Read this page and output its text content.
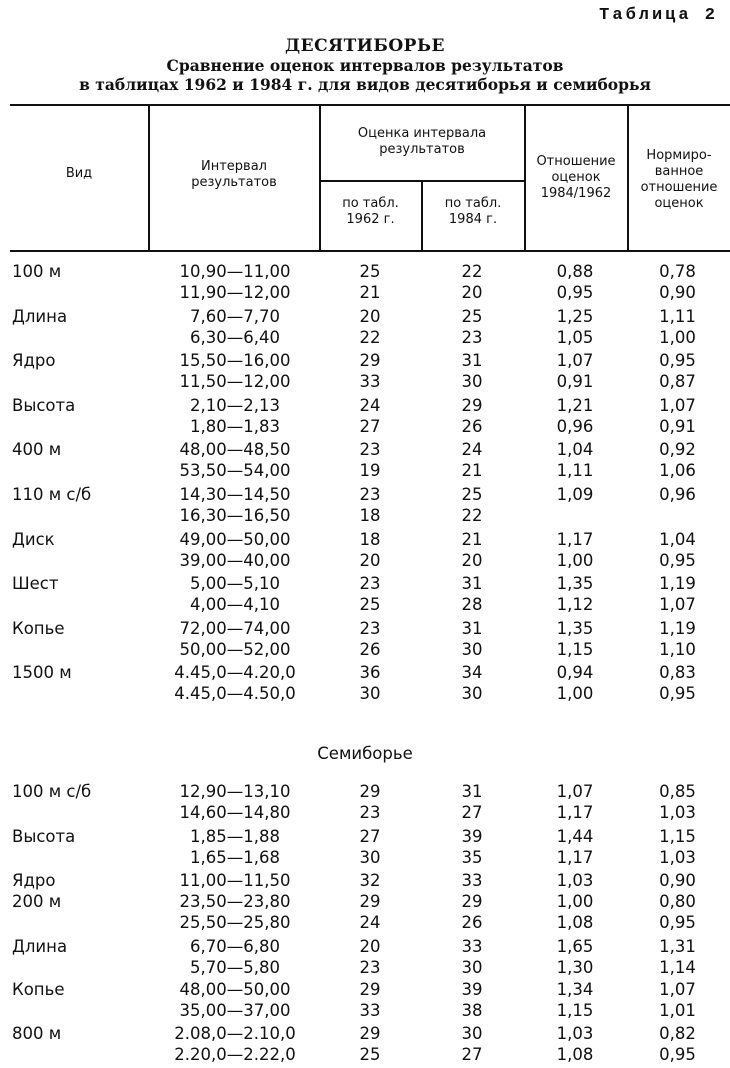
Таблица 2
ДЕСЯТИБОРЬЕ
Сравнение оценок интервалов результатов
в таблицах 1962 и 1984 г. для видов десятиборья и семиборья
Вид	Интервал
результатов
Оценка интервала
результатов
по табл.
1962 г.
по табл.
1984 г.
Отношение
оценок
1984/1962
Нормиро-
ванное
отношение
оценок
100 м	10,90—11,00	25	22	0,88	0,78
11,90—12,00	21	20	0,95	0,90
Длина	7,60—7,70	20	25	1,25	1,11
6,30—6,40	22	23	1,05	1,00
Ядро	15,50—16,00	29	31	1,07	0,95
11,50—12,00	33	30	0,91	0,87
Высота	2,10—2,13	24	29	1,21	1,07
1,80—1,83	27	26	0,96	0,91
400 м	48,00—48,50	23	24	1,04	0,92
53,50—54,00	19	21	1,11	1,06
110 м с/б	14,30—14,50	23	25	1,09	0,96
16,30—16,50	18	22
Диск	49,00—50,00	18	21	1,17	1,04
39,00—40,00	20	20	1,00	0,95
Шест	5,00—5,10	23	31	1,35	1,19
4,00—4,10	25	28	1,12	1,07
Копье	72,00—74,00	23	31	1,35	1,19
50,00—52,00	26	30	1,15	1,10
1500 м	4.45,0—4.20,0	36	34	0,94	0,83
4.45,0—4.50,0	30	30	1,00	0,95
Семиборье
100 м с/б	12,90—13,10	29	31	1,07	0,85
14,60—14,80	23	27	1,17	1,03
Высота	1,85—1,88	27	39	1,44	1,15
1,65—1,68	30	35	1,17	1,03
Ядро	11,00—11,50	32	33	1,03	0,90
200 м	23,50—23,80	29	29	1,00	0,80
25,50—25,80	24	26	1,08	0,95
Длина	6,70—6,80	20	33	1,65	1,31
5,70—5,80	23	30	1,30	1,14
Копье	48,00—50,00	29	39	1,34	1,07
35,00—37,00	33	38	1,15	1,01
800 м	2.08,0—2.10,0	29	30	1,03	0,82
2.20,0—2.22,0	25	27	1,08	0,95
